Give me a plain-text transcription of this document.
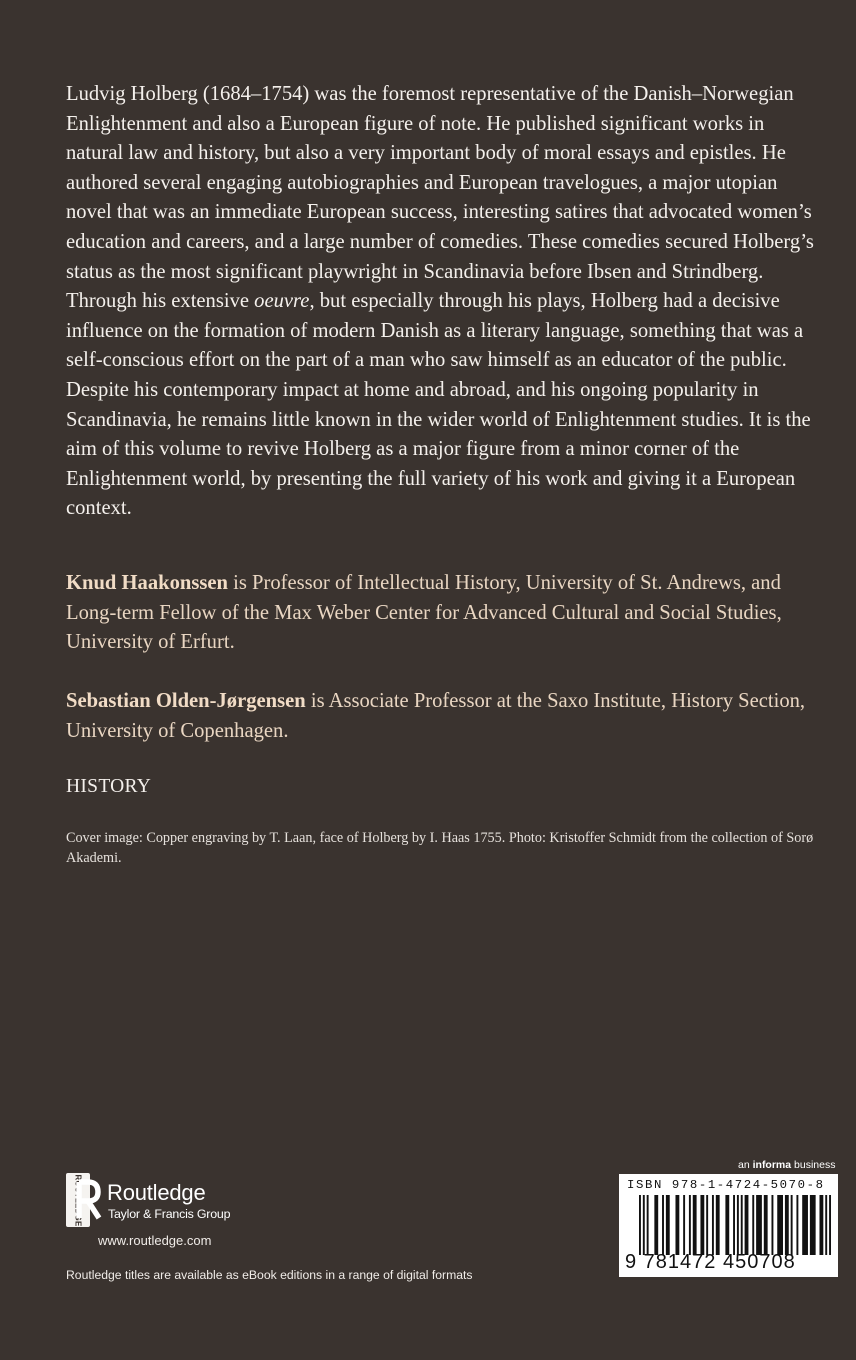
Ludvig Holberg (1684–1754) was the foremost representative of the Danish–Norwegian Enlightenment and also a European figure of note. He published significant works in natural law and history, but also a very important body of moral essays and epistles. He authored several engaging autobiographies and European travelogues, a major utopian novel that was an immediate European success, interesting satires that advocated women’s education and careers, and a large number of comedies. These comedies secured Holberg’s status as the most significant playwright in Scandinavia before Ibsen and Strindberg. Through his extensive oeuvre, but especially through his plays, Holberg had a decisive influence on the formation of modern Danish as a literary language, something that was a self-conscious effort on the part of a man who saw himself as an educator of the public. Despite his contemporary impact at home and abroad, and his ongoing popularity in Scandinavia, he remains little known in the wider world of Enlightenment studies. It is the aim of this volume to revive Holberg as a major figure from a minor corner of the Enlightenment world, by presenting the full variety of his work and giving it a European context.

Knud Haakonssen is Professor of Intellectual History, University of St. Andrews, and Long-term Fellow of the Max Weber Center for Advanced Cultural and Social Studies, University of Erfurt.

Sebastian Olden-Jørgensen is Associate Professor at the Saxo Institute, History Section, University of Copenhagen.

HISTORY

Cover image: Copper engraving by T. Laan, face of Holberg by I. Haas 1755. Photo: Kristoffer Schmidt from the collection of Sorø Akademi.

ROUTLEDGE Routledge
Taylor & Francis Group
www.routledge.com
Routledge titles are available as eBook editions in a range of digital formats
an informa business
ISBN 978-1-4724-5070-8
9 781472 450708
